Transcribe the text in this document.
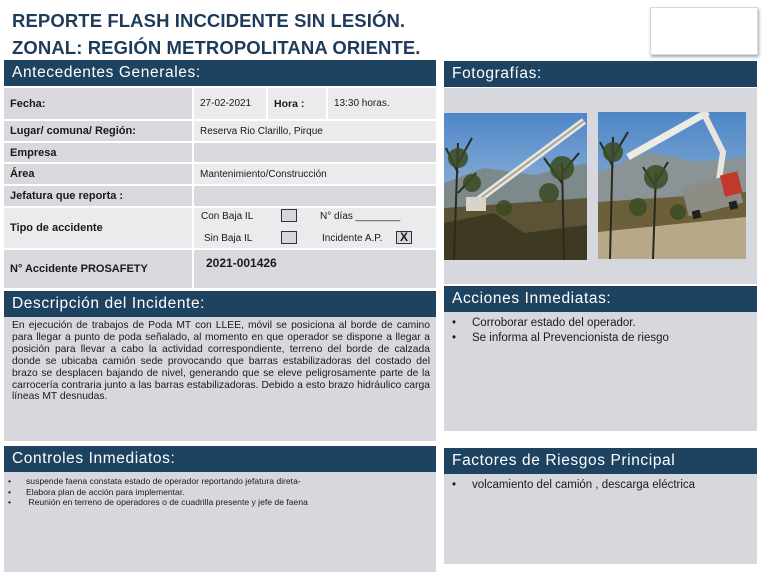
REPORTE FLASH INCCIDENTE SIN LESIÓN.
ZONAL: REGIÓN METROPOLITANA ORIENTE.
Antecedentes Generales:
Fecha:	27-02-2021	Hora :	13:30 horas.
Lugar/ comuna/ Región:	Reserva Rio Clarillo, Pirque
Empresa
Área	Mantenimiento/Construcción
Jefatura que reporta :
Tipo de accidente
Con Baja IL	N° días ________
Sin Baja IL	Incidente A.P.	X
N° Accidente PROSAFETY	2021-001426
Fotografías:
Descripción del Incidente:
En ejecución de trabajos de Poda MT con LLEE, móvil se posiciona al borde de camino para llegar a punto de poda señalado, al momento en que operador se dispone a llegar a posición para llevar a cabo la actividad correspondiente, terreno del borde de calzada donde se ubicaba camión sede provocando que barras estabilizadoras del costado del brazo se desplacen bajando de nivel, generando que se eleve peligrosamente parte de la carrocería contraria junto a las barras estabilizadoras. Debido a esto brazo hidráulico carga líneas MT desnudas.
Acciones Inmediatas:
• Corroborar estado del operador.
• Se informa al Prevencionista de riesgo
Controles Inmediatos:
• suspende faena constata estado de operador reportando jefatura direta-
• Elabora plan de acción para implementar.
• Reunión en terreno de operadores o de cuadrilla presente y jefe de faena
Factores de Riesgos Principal
• volcamiento del camión , descarga eléctrica
